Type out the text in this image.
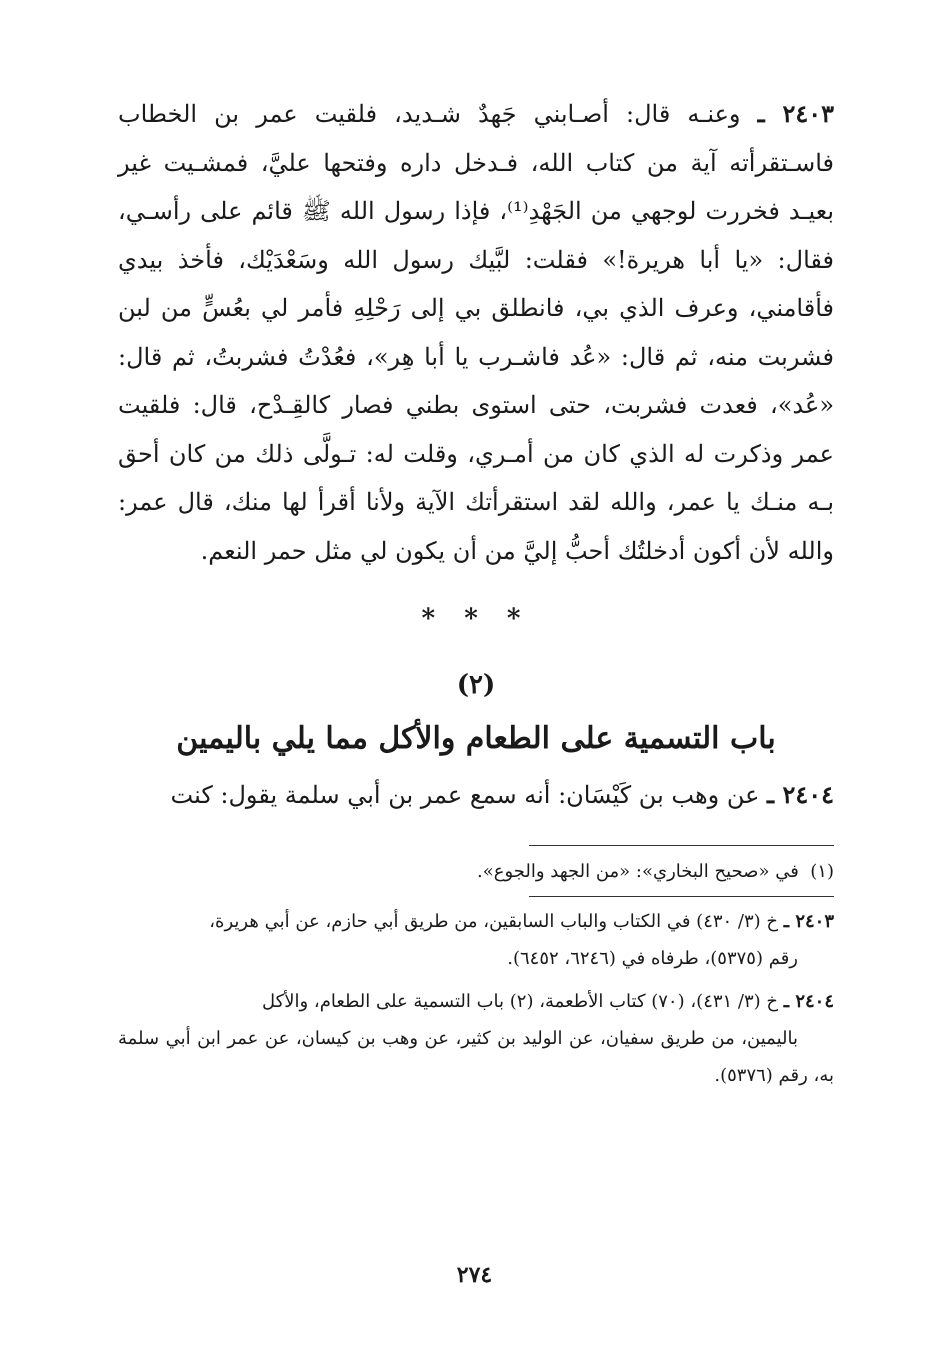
٢٤٠٣ ـ وعنـه قال: أصـابني جَهدٌ شـديد، فلقيت عمر بن الخطاب فاسـتقرأته آية من كتاب الله، فـدخل داره وفتحها عليَّ، فمشـيت غير بعيـد فخررت لوجهي من الجَهْدِ⁽¹⁾، فإذا رسول الله ﷺ قائم على رأسـي، فقال: «يا أبا هريرة!» فقلت: لبَّيك رسول الله وسَعْدَيْك، فأخذ بيدي فأقامني، وعرف الذي بي، فانطلق بي إلى رَحْلِهِ فأمر لي بعُسٍّ من لبن فشربت منه، ثم قال: «عُد فاشـرب يا أبا هِر»، فعُدْتُ فشربتُ، ثم قال: «عُد»، فعدت فشربت، حتى استوى بطني فصار كالقِـدْح، قال: فلقيت عمر وذكرت له الذي كان من أمـري، وقلت له: تـولَّى ذلك من كان أحق بـه منـك يا عمر، والله لقد استقرأتك الآية ولأنا أقرأ لها منك، قال عمر: والله لأن أكون أدخلتُك أحبُّ إليَّ من أن يكون لي مثل حمر النعم.

* * *
(٢)
باب التسمية على الطعام والأكل مما يلي باليمين

٢٤٠٤ ـ عن وهب بن كَيْسَان: أنه سمع عمر بن أبي سلمة يقول: كنت

(١)  في «صحيح البخاري»: «من الجهد والجوع».

٢٤٠٣ ـ خ (٣/ ٤٣٠) في الكتاب والباب السابقين، من طريق أبي حازم، عن أبي هريرة،
رقم (٥٣٧٥)، طرفاه في (٦٢٤٦، ٦٤٥٢).

٢٤٠٤ ـ خ (٣/ ٤٣١)، (٧٠) كتاب الأطعمة، (٢) باب التسمية على الطعام، والأكل
باليمين، من طريق سفيان، عن الوليد بن كثير، عن وهب بن كيسان، عن عمر ابن أبي سلمة به، رقم (٥٣٧٦).

٢٧٤
